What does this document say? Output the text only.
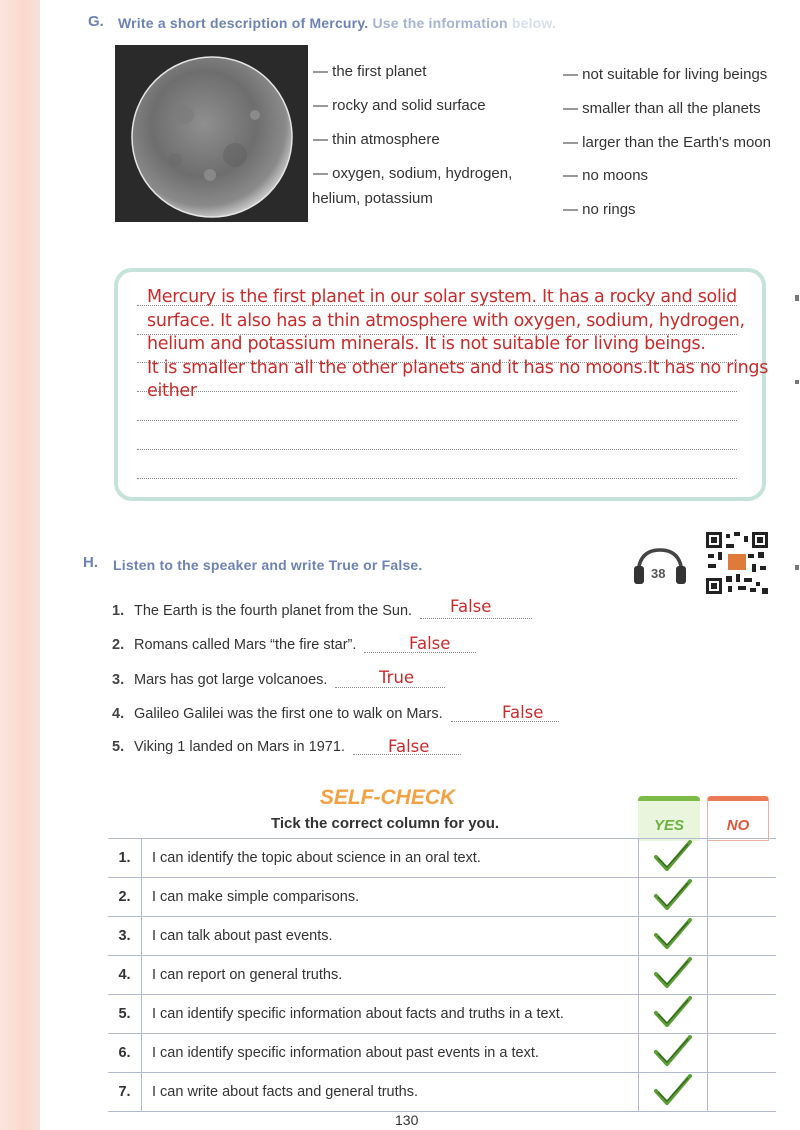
G. Write a short description of Mercury. Use the information below.
— the first planet
— rocky and solid surface
— thin atmosphere
— oxygen, sodium, hydrogen,
helium, potassium
— not suitable for living beings
— smaller than all the planets
— larger than the Earth's moon
— no moons
— no rings
Mercury is the first planet in our solar system. It has a rocky and solid
surface. It also has a thin atmosphere with oxygen, sodium, hydrogen,
helium and potassium minerals. It is not suitable for living beings.
It is smaller than all the other planets and it has no moons.It has no rings
either
H. Listen to the speaker and write True or False.
38
1. The Earth is the fourth planet from the Sun.	False
2. Romans called Mars “the fire star”.	False
3. Mars has got large volcanoes.	True
4. Galileo Galilei was the first one to walk on Mars.	False
5. Viking 1 landed on Mars in 1971.	False
SELF-CHECK
Tick the correct column for you.	YES	NO
1.	I can identify the topic about science in an oral text.		
2.	I can make simple comparisons.		
3.	I can talk about past events.		
4.	I can report on general truths.		
5.	I can identify specific information about facts and truths in a text.		
6.	I can identify specific information about past events in a text.		
7.	I can write about facts and general truths.		
130
